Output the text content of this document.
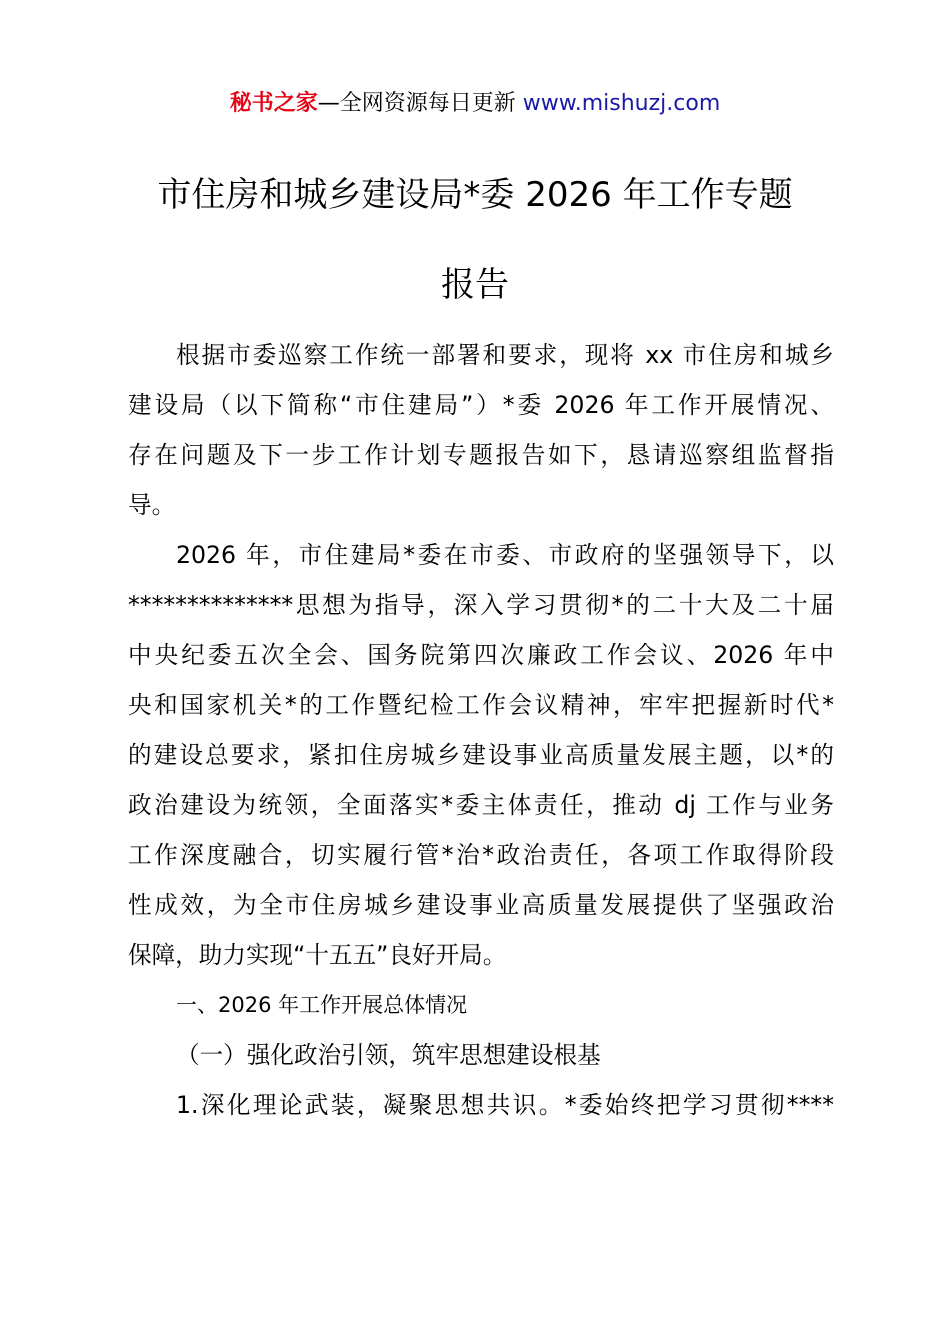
秘书之家—全网资源每日更新 www.mishuzj.com
市住房和城乡建设局*委 2026 年工作专题
报告
根据市委巡察工作统一部署和要求，现将 xx 市住房和城乡
建设局（以下简称“市住建局”）*委 2026 年工作开展情况、
存在问题及下一步工作计划专题报告如下，恳请巡察组监督指
导。
2026 年，市住建局*委在市委、市政府的坚强领导下，以
**************思想为指导，深入学习贯彻*的二十大及二十届
中央纪委五次全会、国务院第四次廉政工作会议、2026 年中
央和国家机关*的工作暨纪检工作会议精神，牢牢把握新时代*
的建设总要求，紧扣住房城乡建设事业高质量发展主题，以*的
政治建设为统领，全面落实*委主体责任，推动 dj 工作与业务
工作深度融合，切实履行管*治*政治责任，各项工作取得阶段
性成效，为全市住房城乡建设事业高质量发展提供了坚强政治
保障，助力实现“十五五”良好开局。
一、2026 年工作开展总体情况
（一）强化政治引领，筑牢思想建设根基
1.深化理论武装，凝聚思想共识。*委始终把学习贯彻****
